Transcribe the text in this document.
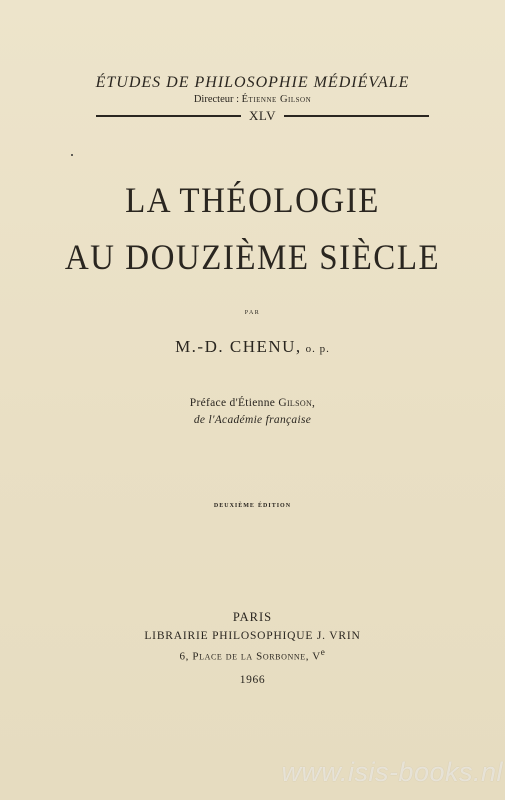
ÉTUDES DE PHILOSOPHIE MÉDIÉVALE
Directeur : Étienne Gilson
XLV
LA THÉOLOGIE
AU DOUZIÈME SIÈCLE
par
M.-D. CHENU, o. p.
Préface d'Étienne Gilson,
de l'Académie française
deuxième édition
PARIS
LIBRAIRIE PHILOSOPHIQUE J. VRIN
6, Place de la Sorbonne, Ve
1966
www.isis-books.nl
